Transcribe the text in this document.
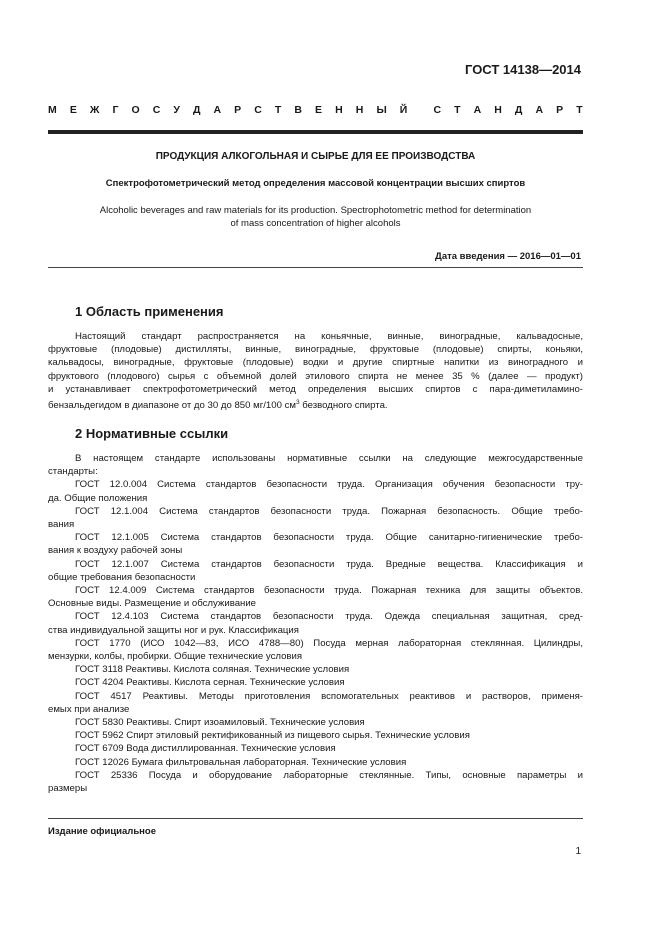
ГОСТ 14138—2014
М Е Ж Г О С У Д А Р С Т В Е Н Н Ы Й С Т А Н Д А Р Т
ПРОДУКЦИЯ АЛКОГОЛЬНАЯ И СЫРЬЕ ДЛЯ ЕЕ ПРОИЗВОДСТВА
Спектрофотометрический метод определения массовой концентрации высших спиртов
Alcoholic beverages and raw materials for its production. Spectrophotometric method for determination
of mass concentration of higher alcohols
Дата введения — 2016—01—01
1 Область применения
Настоящий стандарт распространяется на коньячные, винные, виноградные, кальвадосные,
фруктовые (плодовые) дистилляты, винные, виноградные, фруктовые (плодовые) спирты, коньяки,
кальвадосы, виноградные, фруктовые (плодовые) водки и другие спиртные напитки из виноградного и
фруктового (плодового) сырья с объемной долей этилового спирта не менее 35 % (далее — продукт)
и устанавливает спектрофотометрический метод определения высших спиртов с пара-диметиламино-
бензальдегидом в диапазоне от до 30 до 850 мг/100 $см^3$ безводного спирта.
2 Нормативные ссылки
В настоящем стандарте использованы нормативные ссылки на следующие межгосударственные
стандарты:
ГОСТ 12.0.004 Система стандартов безопасности труда. Организация обучения безопасности тру-
да. Общие положения
ГОСТ 12.1.004 Система стандартов безопасности труда. Пожарная безопасность. Общие требо-
вания
ГОСТ 12.1.005 Система стандартов безопасности труда. Общие санитарно-гигиенические требо-
вания к воздуху рабочей зоны
ГОСТ 12.1.007 Система стандартов безопасности труда. Вредные вещества. Классификация и
общие требования безопасности
ГОСТ 12.4.009 Система стандартов безопасности труда. Пожарная техника для защиты объектов.
Основные виды. Размещение и обслуживание
ГОСТ 12.4.103 Система стандартов безопасности труда. Одежда специальная защитная, сред-
ства индивидуальной защиты ног и рук. Классификация
ГОСТ 1770 (ИСО 1042—83, ИСО 4788—80) Посуда мерная лабораторная стеклянная. Цилиндры,
мензурки, колбы, пробирки. Общие технические условия
ГОСТ 3118 Реактивы. Кислота соляная. Технические условия
ГОСТ 4204 Реактивы. Кислота серная. Технические условия
ГОСТ 4517 Реактивы. Методы приготовления вспомогательных реактивов и растворов, применя-
емых при анализе
ГОСТ 5830 Реактивы. Спирт изоамиловый. Технические условия
ГОСТ 5962 Спирт этиловый ректификованный из пищевого сырья. Технические условия
ГОСТ 6709 Вода дистиллированная. Технические условия
ГОСТ 12026 Бумага фильтровальная лабораторная. Технические условия
ГОСТ 25336 Посуда и оборудование лабораторные стеклянные. Типы, основные параметры и
размеры
Издание официальное
1
